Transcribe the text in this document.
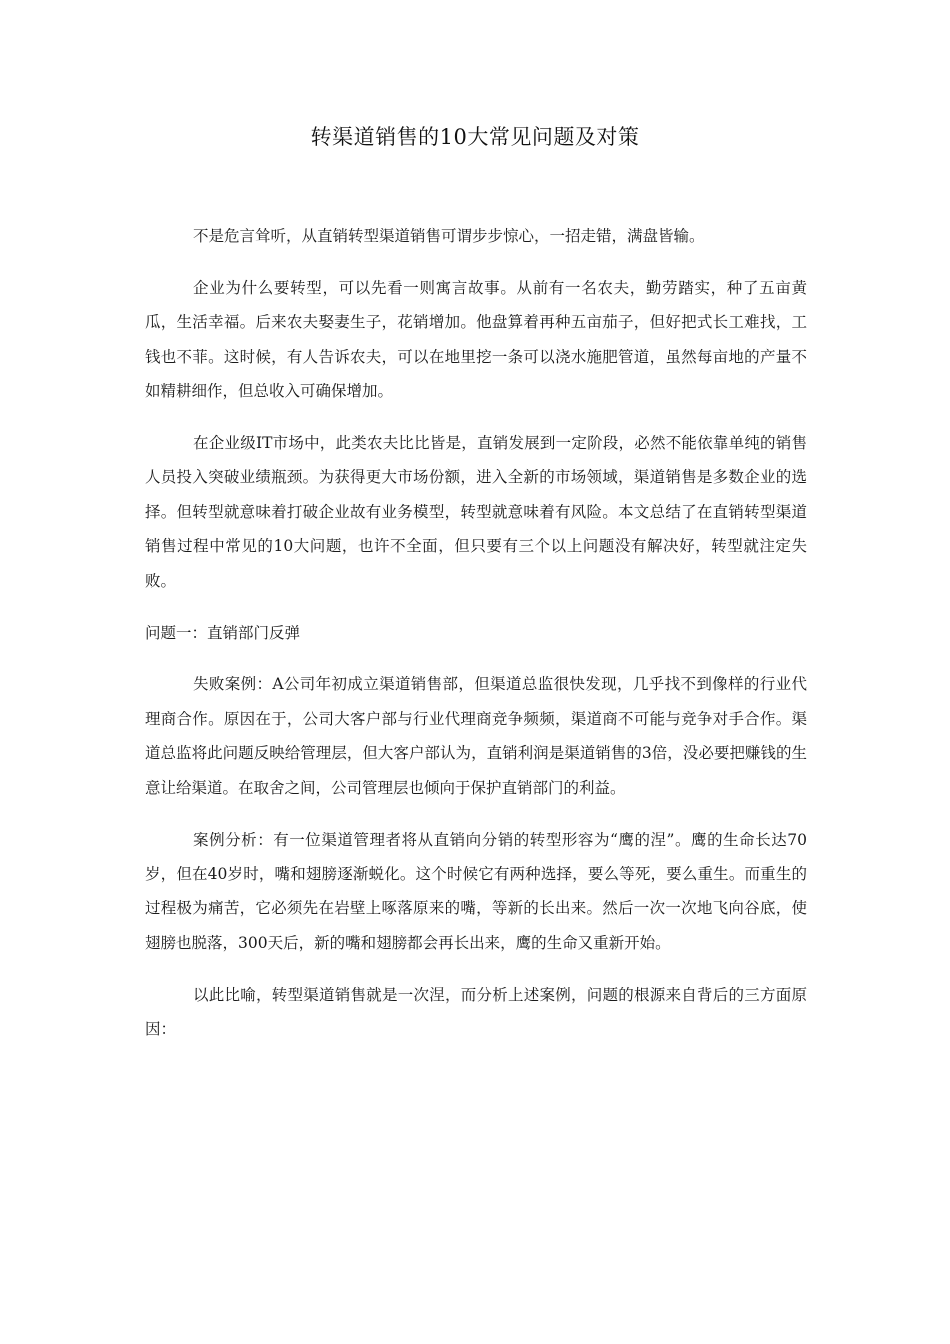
转渠道销售的10大常见问题及对策

不是危言耸听，从直销转型渠道销售可谓步步惊心，一招走错，满盘皆输。

企业为什么要转型，可以先看一则寓言故事。从前有一名农夫，勤劳踏实，种了五亩黄瓜，生活幸福。后来农夫娶妻生子，花销增加。他盘算着再种五亩茄子，但好把式长工难找，工钱也不菲。这时候，有人告诉农夫，可以在地里挖一条可以浇水施肥管道，虽然每亩地的产量不如精耕细作，但总收入可确保增加。

在企业级IT市场中，此类农夫比比皆是，直销发展到一定阶段，必然不能依靠单纯的销售人员投入突破业绩瓶颈。为获得更大市场份额，进入全新的市场领域，渠道销售是多数企业的选择。但转型就意味着打破企业故有业务模型，转型就意味着有风险。本文总结了在直销转型渠道销售过程中常见的10大问题，也许不全面，但只要有三个以上问题没有解决好，转型就注定失败。

问题一：直销部门反弹

失败案例：A公司年初成立渠道销售部，但渠道总监很快发现，几乎找不到像样的行业代理商合作。原因在于，公司大客户部与行业代理商竞争频频，渠道商不可能与竞争对手合作。渠道总监将此问题反映给管理层，但大客户部认为，直销利润是渠道销售的3倍，没必要把赚钱的生意让给渠道。在取舍之间，公司管理层也倾向于保护直销部门的利益。

案例分析：有一位渠道管理者将从直销向分销的转型形容为“鹰的涅”。鹰的生命长达70岁，但在40岁时，嘴和翅膀逐渐蜕化。这个时候它有两种选择，要么等死，要么重生。而重生的过程极为痛苦，它必须先在岩壁上啄落原来的嘴，等新的长出来。然后一次一次地飞向谷底，使翅膀也脱落，300天后，新的嘴和翅膀都会再长出来，鹰的生命又重新开始。

以此比喻，转型渠道销售就是一次涅，而分析上述案例，问题的根源来自背后的三方面原因：
